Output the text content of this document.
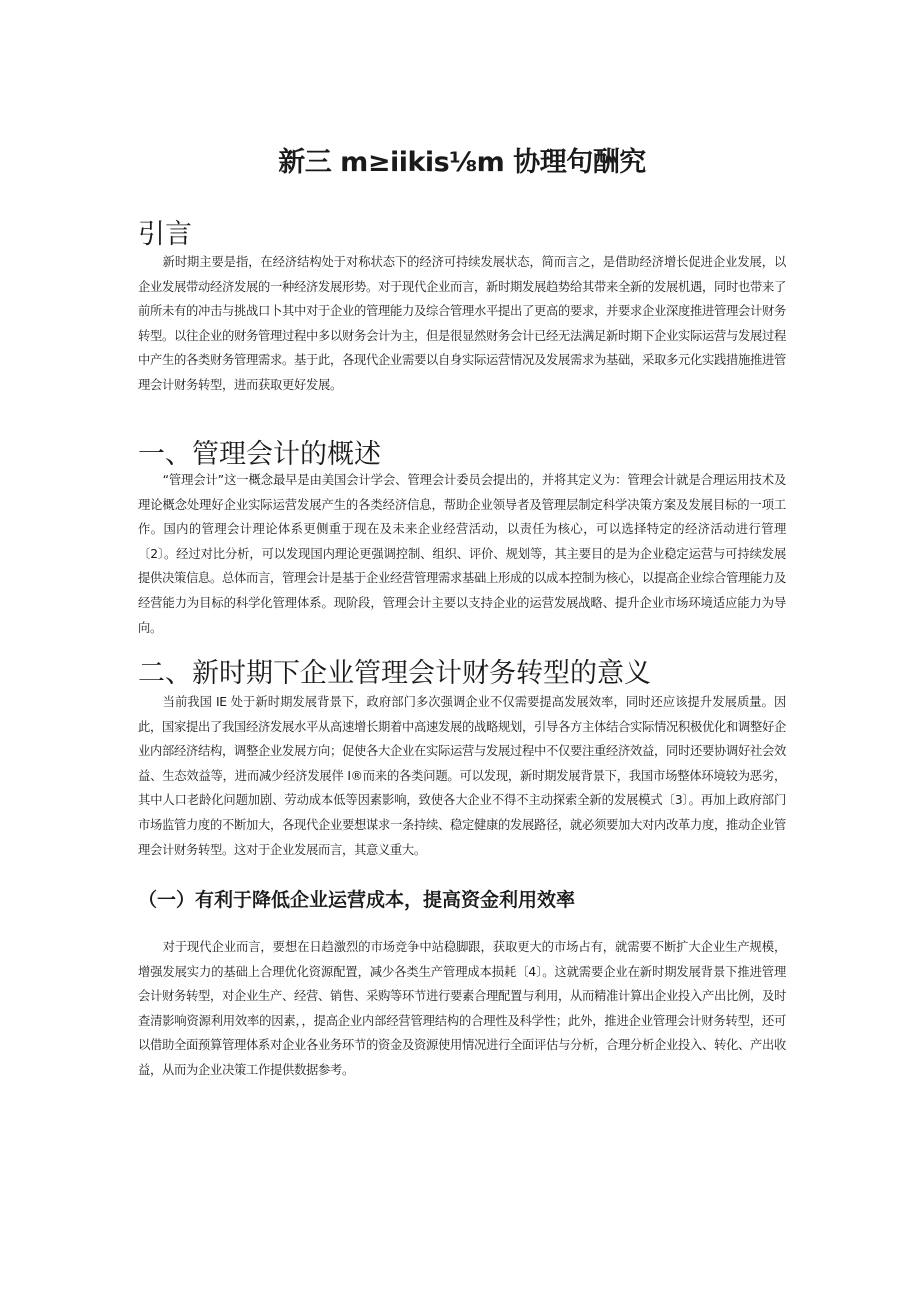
新三 m≥iikis⅛m 协理句酬究
引言

新时期主要是指，在经济结构处于对称状态下的经济可持续发展状态，简而言之，是借助经济增长促进企业发展，以企业发展带动经济发展的一种经济发展形势。对于现代企业而言，新时期发展趋势给其带来全新的发展机遇，同时也带来了前所未有的冲击与挑战口卜其中对于企业的管理能力及综合管理水平提出了更高的要求，并要求企业深度推进管理会计财务转型。以往企业的财务管理过程中多以财务会计为主，但是很显然财务会计已经无法满足新时期下企业实际运营与发展过程中产生的各类财务管理需求。基于此，各现代企业需要以自身实际运营情况及发展需求为基础，采取多元化实践措施推进管理会计财务转型，进而获取更好发展。

一、管理会计的概述

“管理会计”这一概念最早是由美国会计学会、管理会计委员会提出的，并将其定义为：管理会计就是合理运用技术及理论概念处理好企业实际运营发展产生的各类经济信息，帮助企业领导者及管理层制定科学决策方案及发展目标的一项工作。国内的管理会计理论体系更侧重于现在及未来企业经营活动，以责任为核心，可以选择特定的经济活动进行管理〔2〕。经过对比分析，可以发现国内理论更强调控制、组织、评价、规划等，其主要目的是为企业稳定运营与可持续发展提供决策信息。总体而言，管理会计是基于企业经营管理需求基础上形成的以成本控制为核心，以提高企业综合管理能力及经营能力为目标的科学化管理体系。现阶段，管理会计主要以支持企业的运营发展战略、提升企业市场环境适应能力为导向。

二、新时期下企业管理会计财务转型的意义

当前我国 IE 处于新时期发展背景下，政府部门多次强调企业不仅需要提高发展效率，同时还应该提升发展质量。因此，国家提出了我国经济发展水平从高速增长期着中高速发展的战略规划，引导各方主体结合实际情况积极优化和调整好企业内部经济结构，调整企业发展方向；促使各大企业在实际运营与发展过程中不仅要注重经济效益，同时还要协调好社会效益、生态效益等，进而减少经济发展伴 I®而来的各类问题。可以发现，新时期发展背景下，我国市场整体环境较为恶劣，其中人口老龄化问题加剧、劳动成本低等因素影响，致使各大企业不得不主动探索全新的发展模式〔3〕。再加上政府部门市场监管力度的不断加大，各现代企业要想谋求一条持续、稳定健康的发展路径，就必须要加大对内改革力度，推动企业管理会计财务转型。这对于企业发展而言，其意义重大。

（一）有利于降低企业运营成本，提高资金利用效率

对于现代企业而言，要想在日趋激烈的市场竞争中站稳脚跟，获取更大的市场占有，就需要不断扩大企业生产规模，增强发展实力的基础上合理优化资源配置，减少各类生产管理成本损耗〔4〕。这就需要企业在新时期发展背景下推进管理会计财务转型，对企业生产、经营、销售、采购等环节进行要素合理配置与利用，从而精准计算出企业投入产出比例，及时查清影响资源利用效率的因素，，提高企业内部经营管理结构的合理性及科学性；此外，推进企业管理会计财务转型，还可以借助全面预算管理体系对企业各业务环节的资金及资源使用情况进行全面评估与分析，合理分析企业投入、转化、产出收益，从而为企业决策工作提供数据参考。
